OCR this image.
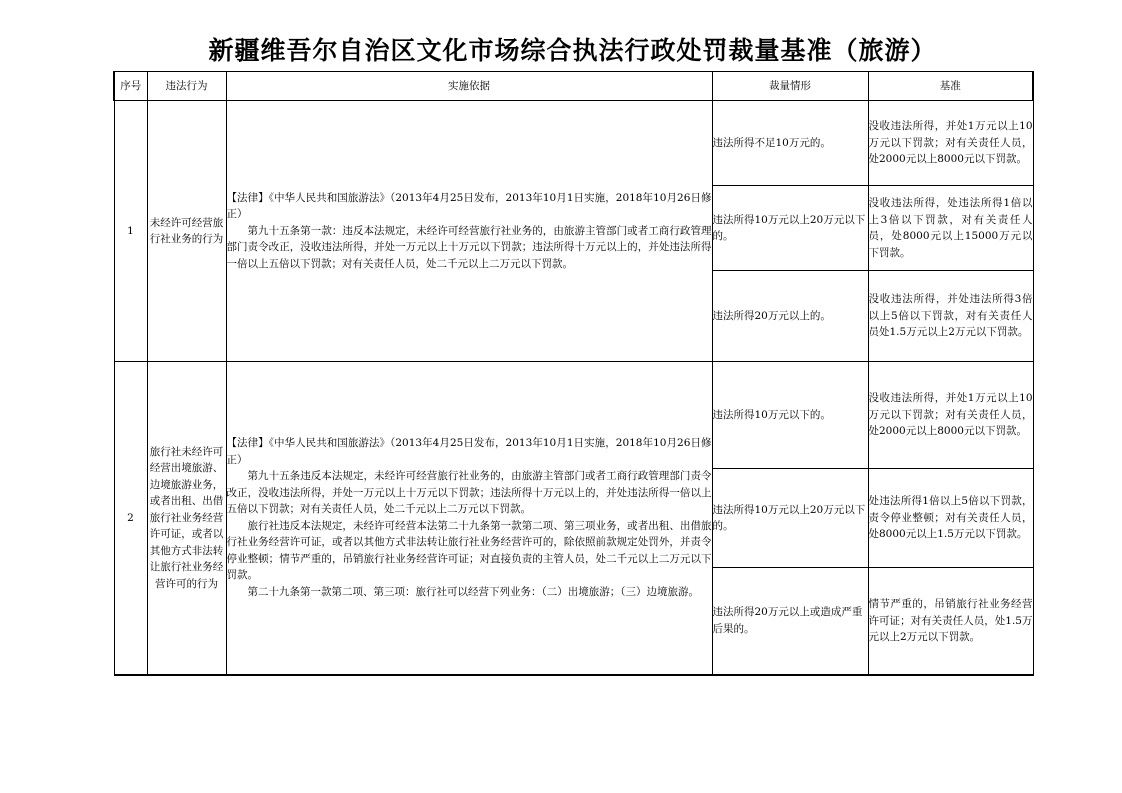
新疆维吾尔自治区文化市场综合执法行政处罚裁量基准（旅游）
序号	违法行为	实施依据	裁量情形	基准
1	未经许可经营旅行社业务的行为	【法律】《中华人民共和国旅游法》（2013年4月25日发布，2013年10月1日实施，2018年10月26日修正）

第九十五条第一款：违反本法规定，未经许可经营旅行社业务的，由旅游主管部门或者工商行政管理部门责令改正，没收违法所得，并处一万元以上十万元以下罚款；违法所得十万元以上的，并处违法所得一倍以上五倍以下罚款；对有关责任人员，处二千元以上二万元以下罚款。	违法所得不足10万元的。	没收违法所得，并处1万元以上10万元以下罚款；对有关责任人员，处2000元以上8000元以下罚款。
			违法所得10万元以上20万元以下的。	没收违法所得，处违法所得1倍以上3倍以下罚款，对有关责任人员，处8000元以上15000万元以下罚款。
			违法所得20万元以上的。	没收违法所得，并处违法所得3倍以上5倍以下罚款，对有关责任人员处1.5万元以上2万元以下罚款。
2	旅行社未经许可经营出境旅游、边境旅游业务，或者出租、出借旅行社业务经营许可证，或者以其他方式非法转让旅行社业务经营许可的行为	【法律】《中华人民共和国旅游法》（2013年4月25日发布，2013年10月1日实施，2018年10月26日修正）

第九十五条违反本法规定，未经许可经营旅行社业务的，由旅游主管部门或者工商行政管理部门责令改正，没收违法所得，并处一万元以上十万元以下罚款；违法所得十万元以上的，并处违法所得一倍以上五倍以下罚款；对有关责任人员，处二千元以上二万元以下罚款。

旅行社违反本法规定，未经许可经营本法第二十九条第一款第二项、第三项业务，或者出租、出借旅行社业务经营许可证，或者以其他方式非法转让旅行社业务经营许可的，除依照前款规定处罚外，并责令停业整顿；情节严重的，吊销旅行社业务经营许可证；对直接负责的主管人员，处二千元以上二万元以下罚款。

第二十九条第一款第二项、第三项：旅行社可以经营下列业务：（二）出境旅游；（三）边境旅游。	违法所得10万元以下的。	没收违法所得，并处1万元以上10万元以下罚款；对有关责任人员，处2000元以上8000元以下罚款。
			违法所得10万元以上20万元以下的。	处违法所得1倍以上5倍以下罚款，责令停业整顿；对有关责任人员，处8000元以上1.5万元以下罚款。
			违法所得20万元以上或造成严重后果的。	情节严重的，吊销旅行社业务经营许可证；对有关责任人员，处1.5万元以上2万元以下罚款。
